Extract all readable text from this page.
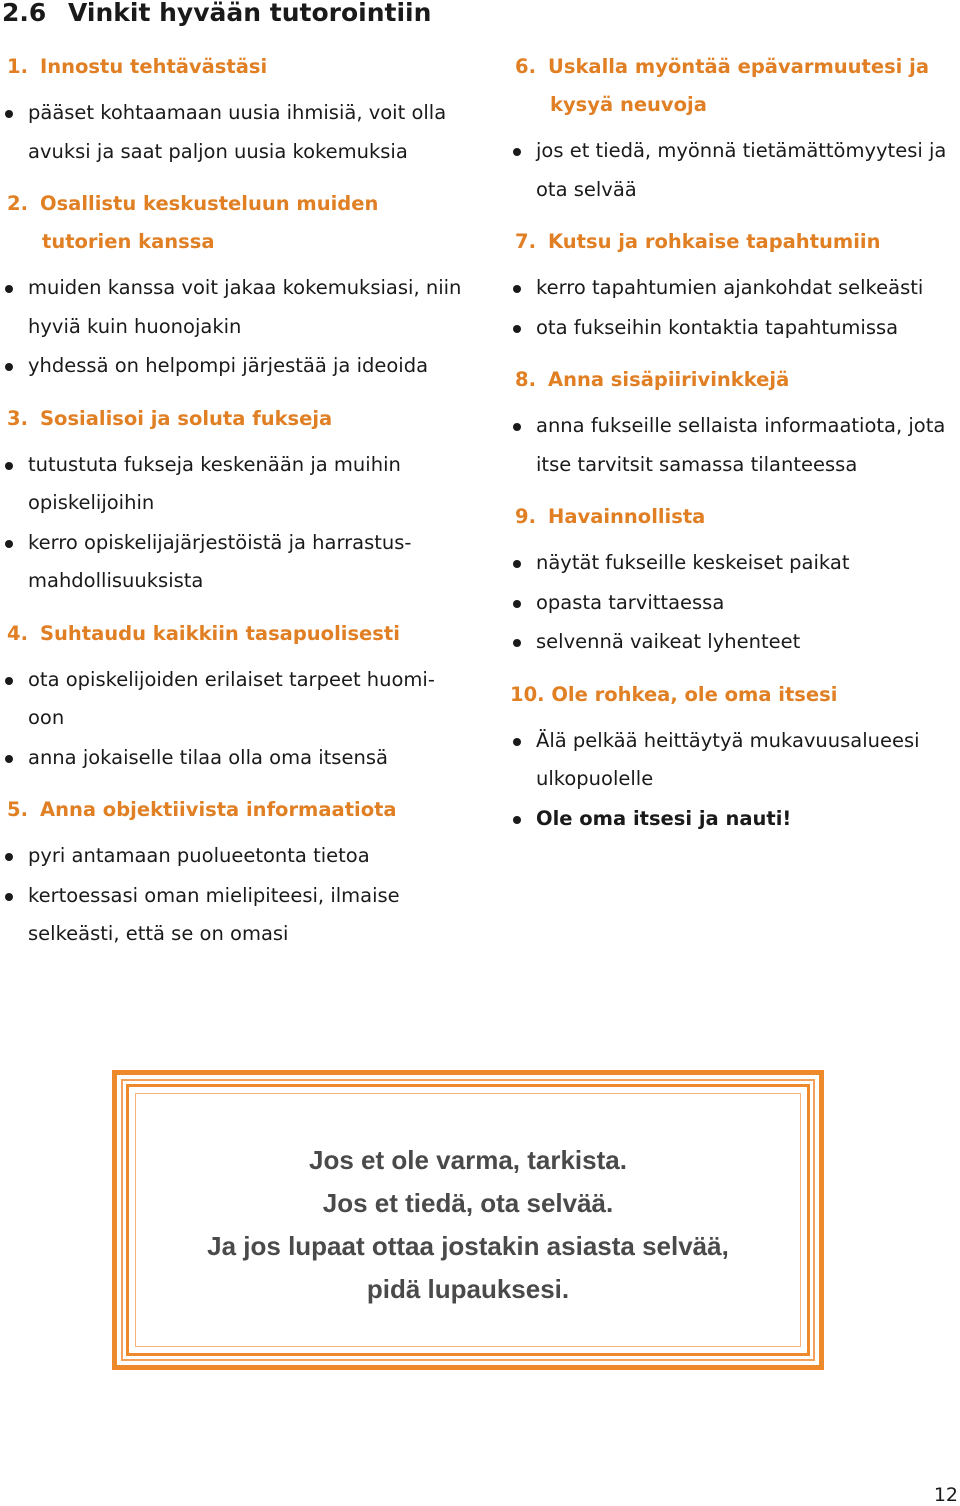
2.6 Vinkit hyvään tutorointiin
1. Innostu tehtävästäsi
pääset kohtaamaan uusia ihmisiä, voit olla avuksi ja saat paljon uusia kokemuksia
2. Osallistu keskusteluun muiden tutorien kanssa
muiden kanssa voit jakaa kokemuksiasi, niin hyviä kuin huonojakin
yhdessä on helpompi järjestää ja ideoida
3. Sosialisoi ja soluta fukseja
tutustuta fukseja keskenään ja muihin opiskelijoihin
kerro opiskelijajärjestöistä ja harrastus-mahdollisuuksista
4. Suhtaudu kaikkiin tasapuolisesti
ota opiskelijoiden erilaiset tarpeet huomi-oon
anna jokaiselle tilaa olla oma itsensä
5. Anna objektiivista informaatiota
pyri antamaan puolueetonta tietoa
kertoessasi oman mielipiteesi, ilmaise selkeästi, että se on omasi
6. Uskalla myöntää epävarmuutesi ja kysyä neuvoja
jos et tiedä, myönnä tietämättömyytesi ja ota selvää
7. Kutsu ja rohkaise tapahtumiin
kerro tapahtumien ajankohdat selkeästi
ota fukseihin kontaktia tapahtumissa
8. Anna sisäpiirivinkkejä
anna fukseille sellaista informaatiota, jota itse tarvitsit samassa tilanteessa
9. Havainnollista
näytät fukseille keskeiset paikat
opasta tarvittaessa
selvennä vaikeat lyhenteet
10. Ole rohkea, ole oma itsesi
Älä pelkää heittäytyä mukavuusalueesi ulkopuolelle
Ole oma itsesi ja nauti!
Jos et ole varma, tarkista.
Jos et tiedä, ota selvää.
Ja jos lupaat ottaa jostakin asiasta selvää,
pidä lupauksesi.
12
